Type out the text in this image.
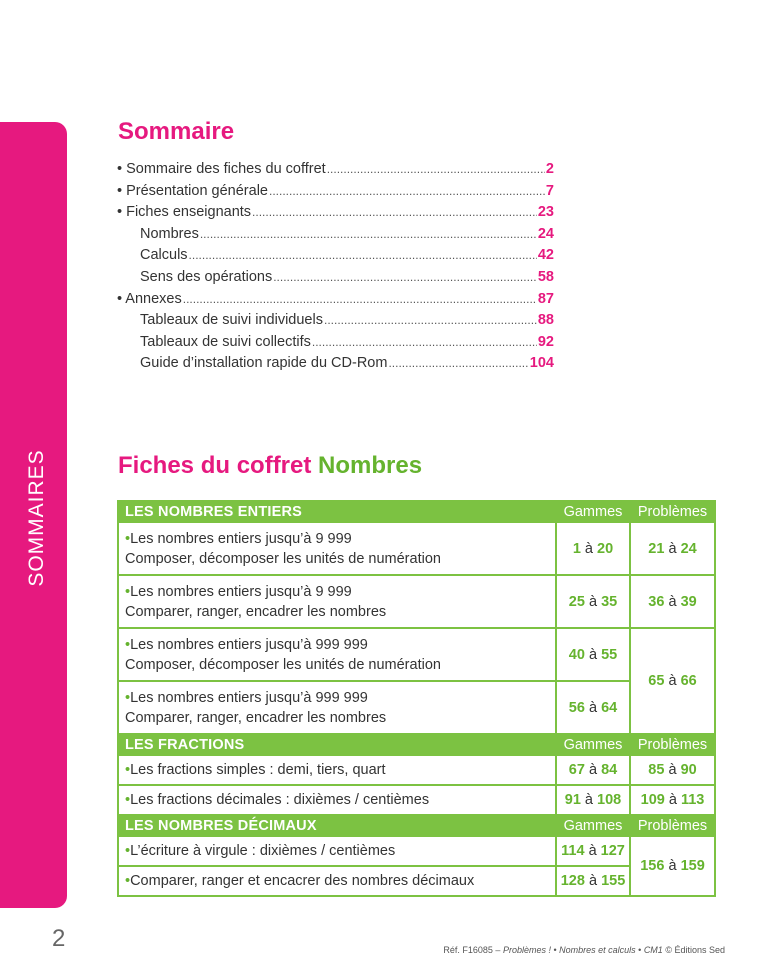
SOMMAIRES
Sommaire
• Sommaire des fiches du coffret .....	2
• Présentation générale .....	7
• Fiches enseignants .....	23
Nombres .....	24
Calculs .....	42
Sens des opérations .....	58
• Annexes .....	87
Tableaux de suivi individuels .....	88
Tableaux de suivi collectifs .....	92
Guide d’installation rapide du CD-Rom .....	104
Fiches du coffret Nombres
LES NOMBRES ENTIERS	Gammes	Problèmes
•Les nombres entiers jusqu’à 9 999
Composer, décomposer les unités de numération	1 à 20	21 à 24
•Les nombres entiers jusqu’à 9 999
Comparer, ranger, encadrer les nombres	25 à 35	36 à 39
•Les nombres entiers jusqu’à 999 999
Composer, décomposer les unités de numération	40 à 55	65 à 66
•Les nombres entiers jusqu’à 999 999
Comparer, ranger, encadrer les nombres	56 à 64	
LES FRACTIONS	Gammes	Problèmes
•Les fractions simples : demi, tiers, quart	67 à 84	85 à 90
•Les fractions décimales : dixièmes / centièmes	91 à 108	109 à 113
LES NOMBRES DÉCIMAUX	Gammes	Problèmes
•L’écriture à virgule : dixièmes / centièmes	114 à 127	156 à 159
•Comparer, ranger et encacrer des nombres décimaux	128 à 155	
2	Réf. F16085 – Problèmes ! • Nombres et calculs • CM1 © Éditions Sed
